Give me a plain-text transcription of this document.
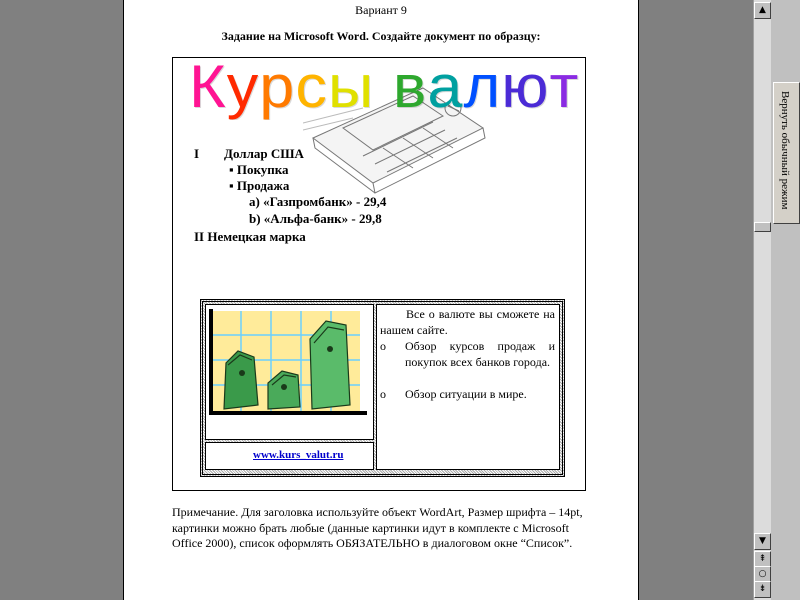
Вариант 9
Задание на Microsoft Word. Создайте документ по образцу:
Курсы валют
I Доллар США
▪ Покупка
▪ Продажа
a) «Газпромбанк» - 29,4
b) «Альфа-банк» - 29,8
II Немецкая марка
Все о валюте вы сможете на нашем сайте.
o Обзор курсов продаж и покупок всех банков города.
o Обзор ситуации в мире.
www.kurs_valut.ru
Примечание. Для заголовка используйте объект WordArt, Размер шрифта – 14pt, картинки можно брать любые (данные картинки идут в комплекте с Microsoft Office 2000), список оформлять ОБЯЗАТЕЛЬНО в диалоговом окне “Список”.
▲
▼
⇞
○
⇟
Вернуть обычный режим
